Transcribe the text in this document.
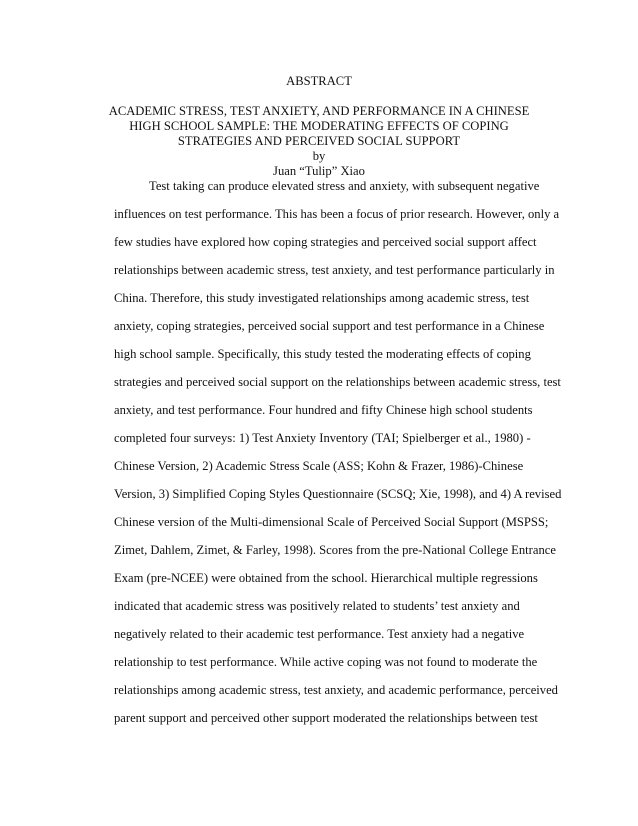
ABSTRACT
ACADEMIC STRESS, TEST ANXIETY, AND PERFORMANCE IN A CHINESE
HIGH SCHOOL SAMPLE: THE MODERATING EFFECTS OF COPING
STRATEGIES AND PERCEIVED SOCIAL SUPPORT
by
Juan “Tulip” Xiao
Test taking can produce elevated stress and anxiety, with subsequent negative
influences on test performance. This has been a focus of prior research. However, only a
few studies have explored how coping strategies and perceived social support affect
relationships between academic stress, test anxiety, and test performance particularly in
China. Therefore, this study investigated relationships among academic stress, test
anxiety, coping strategies, perceived social support and test performance in a Chinese
high school sample. Specifically, this study tested the moderating effects of coping
strategies and perceived social support on the relationships between academic stress, test
anxiety, and test performance. Four hundred and fifty Chinese high school students
completed four surveys: 1) Test Anxiety Inventory (TAI; Spielberger et al., 1980) -
Chinese Version, 2) Academic Stress Scale (ASS; Kohn & Frazer, 1986)-Chinese
Version, 3) Simplified Coping Styles Questionnaire (SCSQ; Xie, 1998), and 4) A revised
Chinese version of the Multi-dimensional Scale of Perceived Social Support (MSPSS;
Zimet, Dahlem, Zimet, & Farley, 1998). Scores from the pre-National College Entrance
Exam (pre-NCEE) were obtained from the school. Hierarchical multiple regressions
indicated that academic stress was positively related to students’ test anxiety and
negatively related to their academic test performance. Test anxiety had a negative
relationship to test performance. While active coping was not found to moderate the
relationships among academic stress, test anxiety, and academic performance, perceived
parent support and perceived other support moderated the relationships between test
